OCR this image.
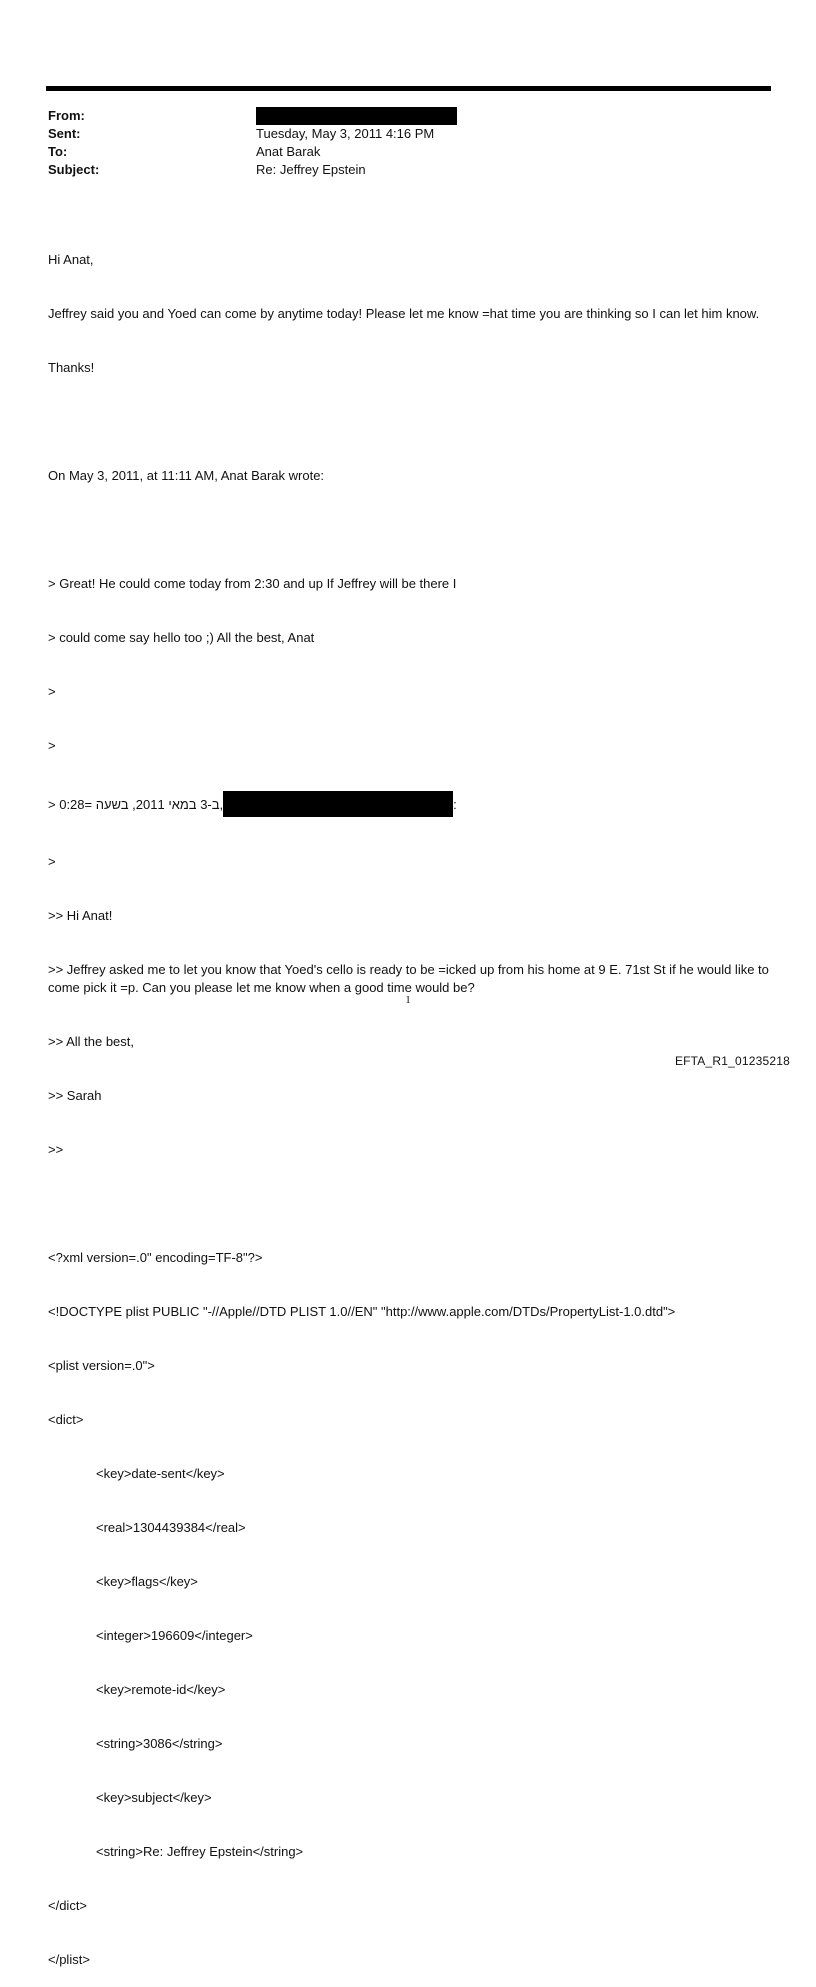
From:
Sent:	Tuesday, May 3, 2011 4:16 PM
To:	Anat Barak
Subject:	Re: Jeffrey Epstein

Hi Anat,

Jeffrey said you and Yoed can come by anytime today! Please let me know =hat time you are thinking so I can let him know.

Thanks!

On May 3, 2011, at 11:11 AM, Anat Barak wrote:

> Great! He could come today from 2:30 and up If Jeffrey will be there I

> could come say hello too ;) All the best, Anat

>

>

> ב-3 במאי 2011, בשעה =0:28,	:

>

>> Hi Anat!

>> Jeffrey asked me to let you know that Yoed's cello is ready to be =icked up from his home at 9 E. 71st St if he would like to come pick it =p. Can you please let me know when a good time would be?

>> All the best,

>> Sarah

>>

<?xml version=.0" encoding=TF-8"?>

<!DOCTYPE plist PUBLIC "-//Apple//DTD PLIST 1.0//EN" "http://www.apple.com/DTDs/PropertyList-1.0.dtd">

<plist version=.0">

<dict>

<key>date-sent</key>

<real>1304439384</real>

<key>flags</key>

<integer>196609</integer>

<key>remote-id</key>

<string>3086</string>

<key>subject</key>

<string>Re: Jeffrey Epstein</string>

</dict>

</plist>

1
EFTA_R1_01235218
